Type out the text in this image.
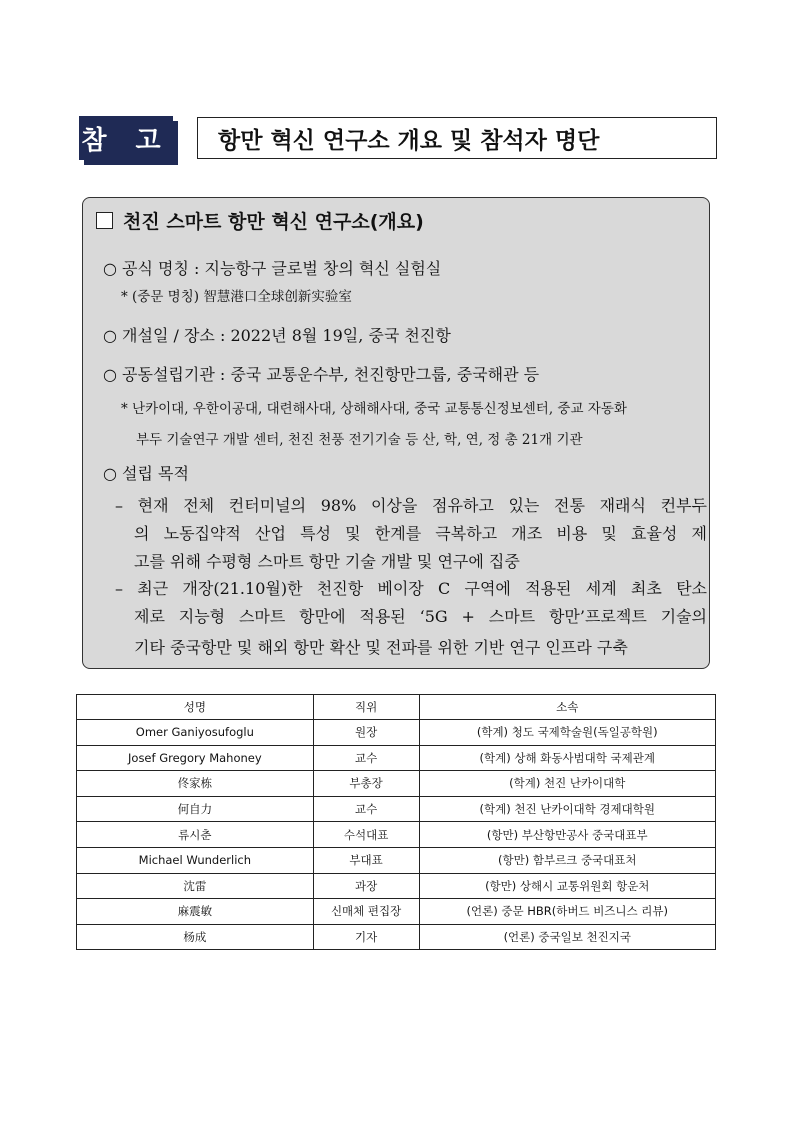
참 고	항만 혁신 연구소 개요 및 참석자 명단
천진 스마트 항만 혁신 연구소(개요)
○ 공식 명칭 : 지능항구 글로벌 창의 혁신 실험실
* (중문 명칭) 智慧港口全球创新实验室
○ 개설일 / 장소 : 2022년 8월 19일, 중국 천진항
○ 공동설립기관 : 중국 교통운수부, 천진항만그룹, 중국해관 등
* 난카이대, 우한이공대, 대련해사대, 상해해사대, 중국 교통통신정보센터, 중교 자동화
부두 기술연구 개발 센터, 천진 천풍 전기기술 등 산, 학, 연, 정 총 21개 기관
○ 설립 목적
– 현재 전체 컨터미널의 98% 이상을 점유하고 있는 전통 재래식 컨부두
의 노동집약적 산업 특성 및 한계를 극복하고 개조 비용 및 효율성 제
고를 위해 수평형 스마트 항만 기술 개발 및 연구에 집중
– 최근 개장(21.10월)한 천진항 베이장 C 구역에 적용된 세계 최초 탄소
제로 지능형 스마트 항만에 적용된 ‘5G + 스마트 항만’프로젝트 기술의
기타 중국항만 및 해외 항만 확산 및 전파를 위한 기반 연구 인프라 구축
성명	직위	소속
Omer Ganiyosufoglu	원장	(학계) 청도 국제학술원(독일공학원)
Josef Gregory Mahoney	교수	(학계) 상해 화동사범대학 국제관계
佟家栋	부총장	(학계) 천진 난카이대학
何自力	교수	(학계) 천진 난카이대학 경제대학원
류시춘	수석대표	(항만) 부산항만공사 중국대표부
Michael Wunderlich	부대표	(항만) 함부르크 중국대표처
沈雷	과장	(항만) 상해시 교통위원회 항운처
麻震敏	신매체 편집장	(언론) 중문 HBR(하버드 비즈니스 리뷰)
杨成	기자	(언론) 중국일보 천진지국
